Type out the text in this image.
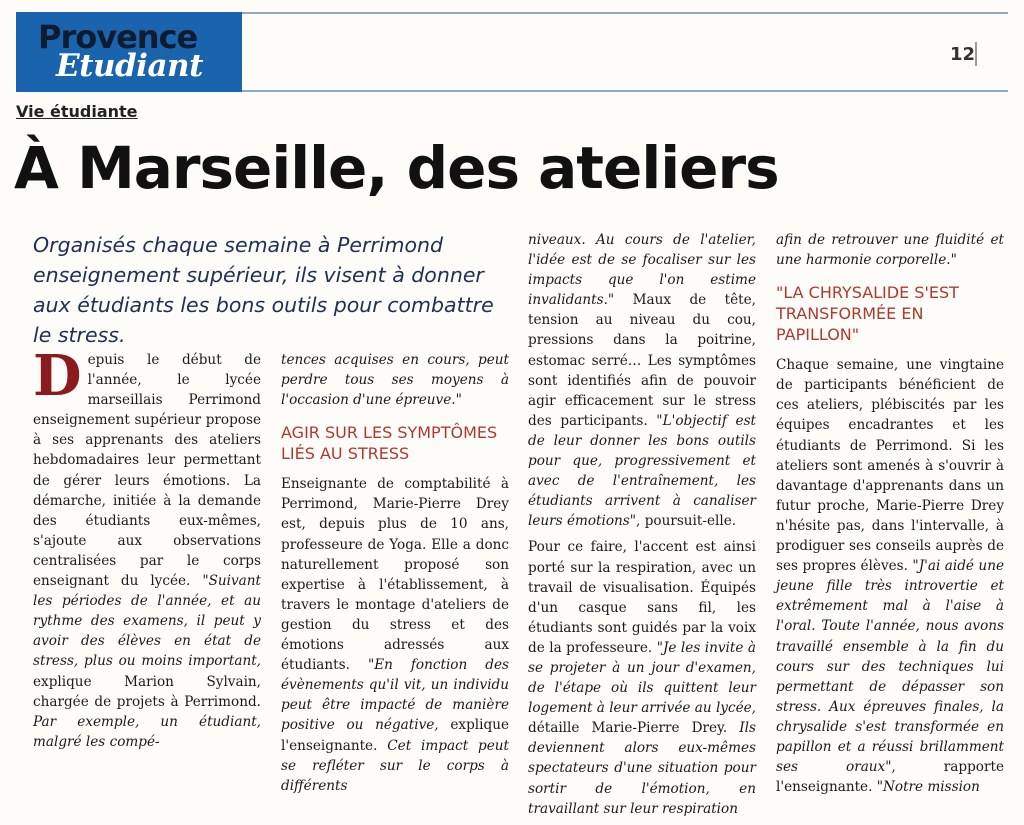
Provence
Etudiant	12
Vie étudiante
À Marseille, des ateliers
Organisés chaque semaine à Perrimond enseignement supérieur, ils visent à donner aux étudiants les bons outils pour combattre le stress.

Depuis le début de l'année, le lycée marseillais Perrimond enseignement supérieur propose à ses apprenants des ateliers hebdomadaires leur permettant de gérer leurs émotions. La démarche, initiée à la demande des étudiants eux-mêmes, s'ajoute aux observations centralisées par le corps enseignant du lycée. "Suivant les périodes de l'année, et au rythme des examens, il peut y avoir des élèves en état de stress, plus ou moins important, explique Marion Sylvain, chargée de projets à Perrimond. Par exemple, un étudiant, malgré les compé-

tences acquises en cours, peut perdre tous ses moyens à l'occasion d'une épreuve."

AGIR SUR LES SYMPTÔMES LIÉS AU STRESS

Enseignante de comptabilité à Perrimond, Marie-Pierre Drey est, depuis plus de 10 ans, professeure de Yoga. Elle a donc naturellement proposé son expertise à l'établissement, à travers le montage d'ateliers de gestion du stress et des émotions adressés aux étudiants. "En fonction des évènements qu'il vit, un individu peut être impacté de manière positive ou négative, explique l'enseignante. Cet impact peut se refléter sur le corps à différents

niveaux. Au cours de l'atelier, l'idée est de se focaliser sur les impacts que l'on estime invalidants." Maux de tête, tension au niveau du cou, pressions dans la poitrine, estomac serré… Les symptômes sont identifiés afin de pouvoir agir efficacement sur le stress des participants. "L'objectif est de leur donner les bons outils pour que, progressivement et avec de l'entraînement, les étudiants arrivent à canaliser leurs émotions", poursuit-elle.

Pour ce faire, l'accent est ainsi porté sur la respiration, avec un travail de visualisation. Équipés d'un casque sans fil, les étudiants sont guidés par la voix de la professeure. "Je les invite à se projeter à un jour d'examen, de l'étape où ils quittent leur logement à leur arrivée au lycée, détaille Marie-Pierre Drey. Ils deviennent alors eux-mêmes spectateurs d'une situation pour sortir de l'émotion, en travaillant sur leur respiration

afin de retrouver une fluidité et une harmonie corporelle."

"LA CHRYSALIDE S'EST TRANSFORMÉE EN PAPILLON"

Chaque semaine, une vingtaine de participants bénéficient de ces ateliers, plébiscités par les équipes encadrantes et les étudiants de Perrimond. Si les ateliers sont amenés à s'ouvrir à davantage d'apprenants dans un futur proche, Marie-Pierre Drey n'hésite pas, dans l'intervalle, à prodiguer ses conseils auprès de ses propres élèves. "J'ai aidé une jeune fille très introvertie et extrêmement mal à l'aise à l'oral. Toute l'année, nous avons travaillé ensemble à la fin du cours sur des techniques lui permettant de dépasser son stress. Aux épreuves finales, la chrysalide s'est transformée en papillon et a réussi brillamment ses oraux", rapporte l'enseignante. "Notre mission
